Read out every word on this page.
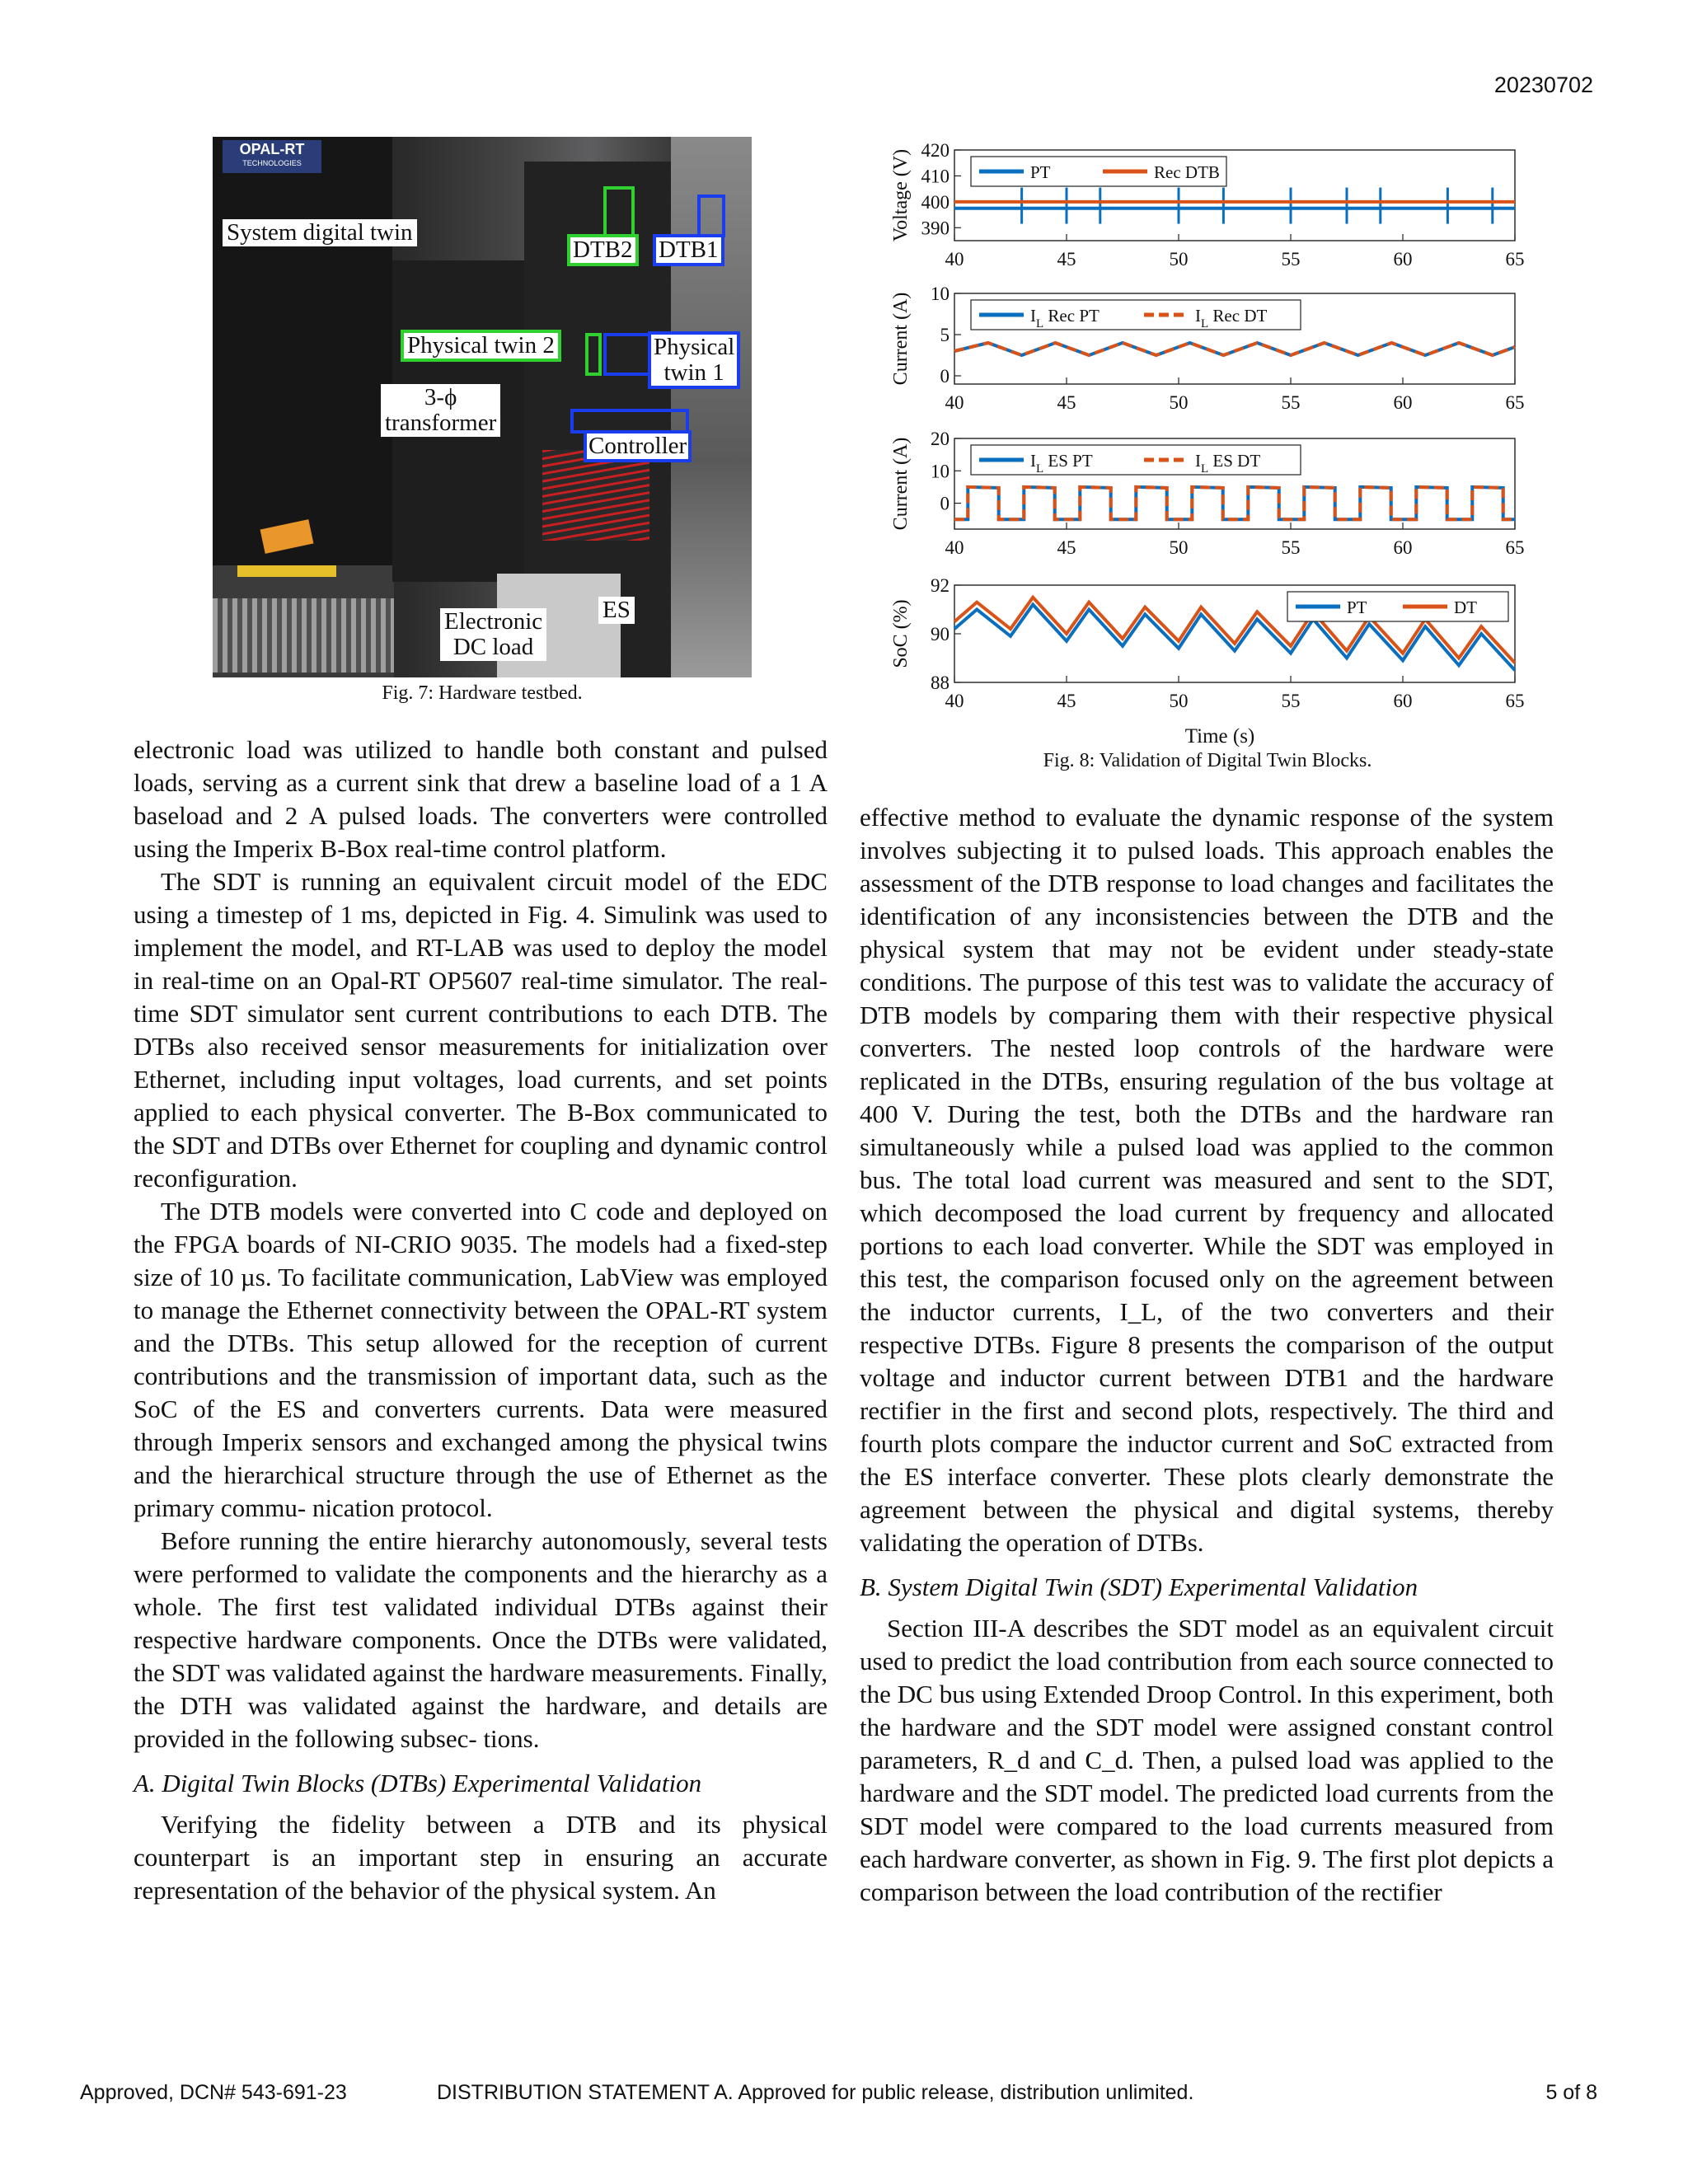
20230702
OPAL-RT
TECHNOLOGIES
System digital twin
DTB2 DTB1
Physical twin 2	Physical
twin 1
3-ϕ
transformer
Controller
ES
Electronic
DC load
Fig. 7: Hardware testbed.
390
400
410
420
40	45	50	55	60	65
Voltage (V)	PT	Rec DTB
0
5
10
40	45	50	55	60	65
Current (A)	$I_L$ Rec PT	$I_L$ Rec DT
0
10
20
40	45	50	55	60	65
Current (A)	$I_L$ ES PT	$I_L$ ES DT
88
90
92
40	45	50	55	60	65
SoC (%)	PT	DT
Time (s)
Fig. 8: Validation of Digital Twin Blocks.

electronic load was utilized to handle both constant and pulsed loads, serving as a current sink that drew a baseline load of a 1 A baseload and 2 A pulsed loads. The converters were controlled using the Imperix B-Box real-time control platform.

The SDT is running an equivalent circuit model of the EDC using a timestep of 1 ms, depicted in Fig. 4. Simulink was used to implement the model, and RT-LAB was used to deploy the model in real-time on an Opal-RT OP5607 real-time simulator. The real-time SDT simulator sent current contributions to each DTB. The DTBs also received sensor measurements for initialization over Ethernet, including input voltages, load currents, and set points applied to each physical converter. The B-Box communicated to the SDT and DTBs over Ethernet for coupling and dynamic control reconfiguration.

The DTB models were converted into C code and deployed on the FPGA boards of NI-CRIO 9035. The models had a fixed-step size of 10 µs. To facilitate communication, LabView was employed to manage the Ethernet connectivity between the OPAL-RT system and the DTBs. This setup allowed for the reception of current contributions and the transmission of important data, such as the SoC of the ES and converters currents. Data were measured through Imperix sensors and exchanged among the physical twins and the hierarchical structure through the use of Ethernet as the primary commu- nication protocol.

Before running the entire hierarchy autonomously, several tests were performed to validate the components and the hierarchy as a whole. The first test validated individual DTBs against their respective hardware components. Once the DTBs were validated, the SDT was validated against the hardware measurements. Finally, the DTH was validated against the hardware, and details are provided in the following subsec- tions.

A. Digital Twin Blocks (DTBs) Experimental Validation

Verifying the fidelity between a DTB and its physical counterpart is an important step in ensuring an accurate representation of the behavior of the physical system. An

effective method to evaluate the dynamic response of the system involves subjecting it to pulsed loads. This approach enables the assessment of the DTB response to load changes and facilitates the identification of any inconsistencies between the DTB and the physical system that may not be evident under steady-state conditions. The purpose of this test was to validate the accuracy of DTB models by comparing them with their respective physical converters. The nested loop controls of the hardware were replicated in the DTBs, ensuring regulation of the bus voltage at 400 V. During the test, both the DTBs and the hardware ran simultaneously while a pulsed load was applied to the common bus. The total load current was measured and sent to the SDT, which decomposed the load current by frequency and allocated portions to each load converter. While the SDT was employed in this test, the comparison focused only on the agreement between the inductor currents, I_L, of the two converters and their respective DTBs. Figure 8 presents the comparison of the output voltage and inductor current between DTB1 and the hardware rectifier in the first and second plots, respectively. The third and fourth plots compare the inductor current and SoC extracted from the ES interface converter. These plots clearly demonstrate the agreement between the physical and digital systems, thereby validating the operation of DTBs.

B. System Digital Twin (SDT) Experimental Validation

Section III-A describes the SDT model as an equivalent circuit used to predict the load contribution from each source connected to the DC bus using Extended Droop Control. In this experiment, both the hardware and the SDT model were assigned constant control parameters, R_d and C_d. Then, a pulsed load was applied to the hardware and the SDT model. The predicted load currents from the SDT model were compared to the load currents measured from each hardware converter, as shown in Fig. 9. The first plot depicts a comparison between the load contribution of the rectifier

Approved, DCN# 543-691-23	DISTRIBUTION STATEMENT A. Approved for public release, distribution unlimited.	5 of 8
